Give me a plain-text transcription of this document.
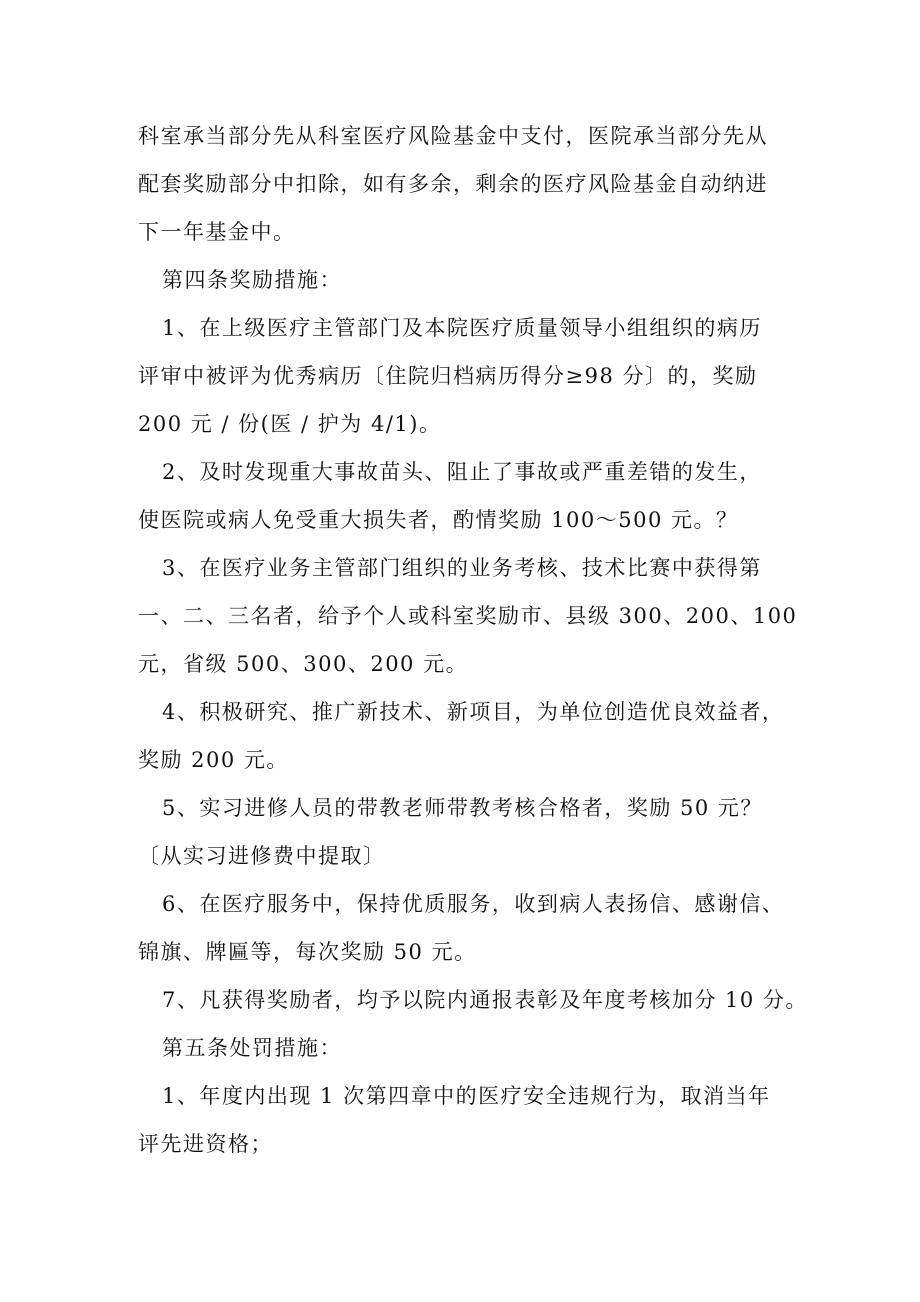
科室承当部分先从科室医疗风险基金中支付，医院承当部分先从
配套奖励部分中扣除，如有多余，剩余的医疗风险基金自动纳进
下一年基金中。
第四条奖励措施：
1、在上级医疗主管部门及本院医疗质量领导小组组织的病历
评审中被评为优秀病历〔住院归档病历得分≥98 分〕的，奖励
200 元 / 份(医 / 护为 4/1)。
2、及时发现重大事故苗头、阻止了事故或严重差错的发生，
使医院或病人免受重大损失者，酌情奖励 100～500 元。？
3、在医疗业务主管部门组织的业务考核、技术比赛中获得第
一、二、三名者，给予个人或科室奖励市、县级 300、200、100
元，省级 500、300、200 元。
4、积极研究、推广新技术、新项目，为单位创造优良效益者，
奖励 200 元。
5、实习进修人员的带教老师带教考核合格者，奖励 50 元？
〔从实习进修费中提取〕
6、在医疗服务中，保持优质服务，收到病人表扬信、感谢信、
锦旗、牌匾等，每次奖励 50 元。
7、凡获得奖励者，均予以院内通报表彰及年度考核加分 10 分。
第五条处罚措施：
1、年度内出现 1 次第四章中的医疗安全违规行为，取消当年
评先进资格；
